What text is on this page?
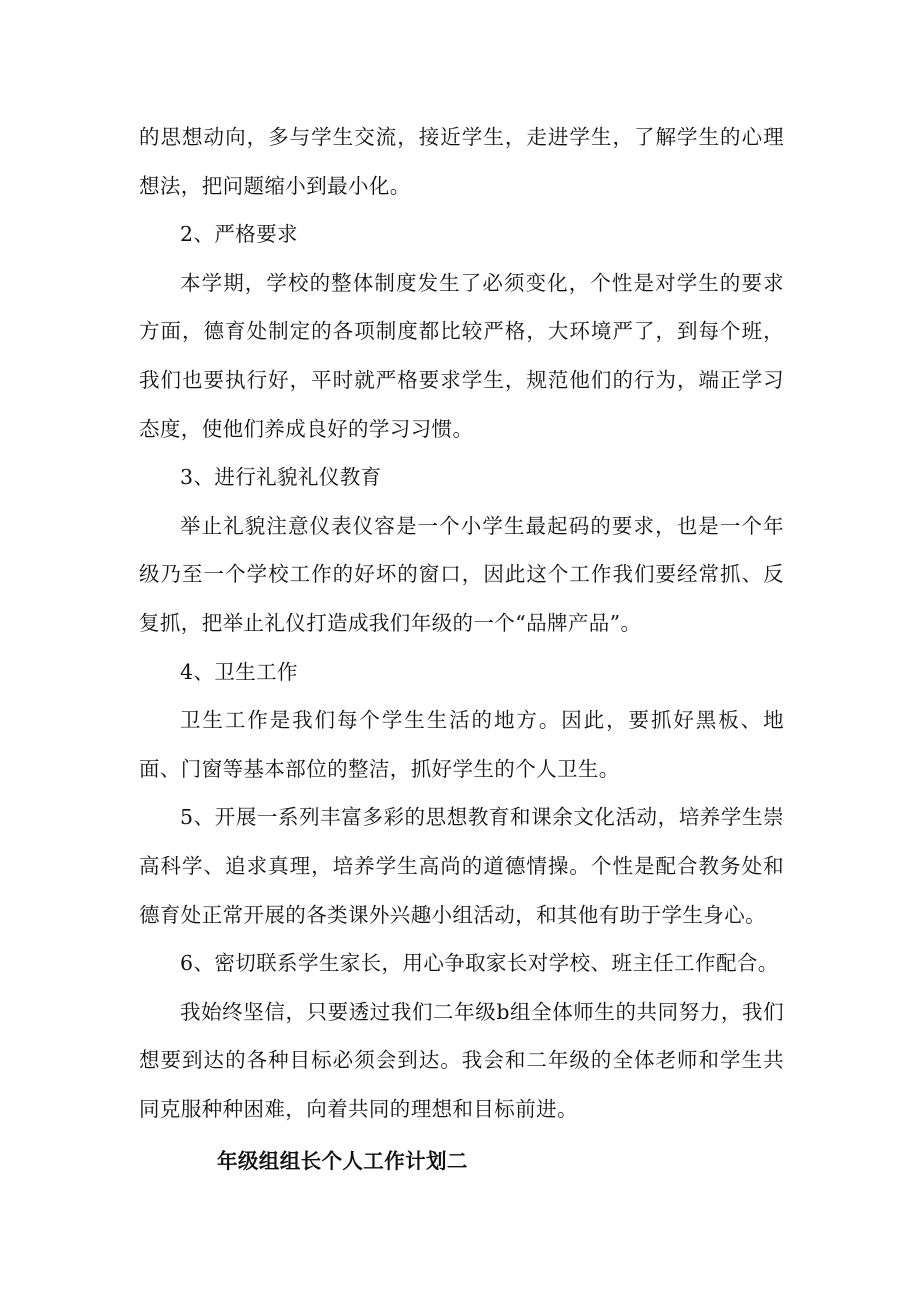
的思想动向，多与学生交流，接近学生，走进学生，了解学生的心理想法，把问题缩小到最小化。

2、严格要求

本学期，学校的整体制度发生了必须变化，个性是对学生的要求方面，德育处制定的各项制度都比较严格，大环境严了，到每个班，我们也要执行好，平时就严格要求学生，规范他们的行为，端正学习态度，使他们养成良好的学习习惯。

3、进行礼貌礼仪教育

举止礼貌注意仪表仪容是一个小学生最起码的要求，也是一个年级乃至一个学校工作的好坏的窗口，因此这个工作我们要经常抓、反复抓，把举止礼仪打造成我们年级的一个“品牌产品”。

4、卫生工作

卫生工作是我们每个学生生活的地方。因此，要抓好黑板、地面、门窗等基本部位的整洁，抓好学生的个人卫生。

5、开展一系列丰富多彩的思想教育和课余文化活动，培养学生崇高科学、追求真理，培养学生高尚的道德情操。个性是配合教务处和德育处正常开展的各类课外兴趣小组活动，和其他有助于学生身心。

6、密切联系学生家长，用心争取家长对学校、班主任工作配合。

我始终坚信，只要透过我们二年级b组全体师生的共同努力，我们想要到达的各种目标必须会到达。我会和二年级的全体老师和学生共同克服种种困难，向着共同的理想和目标前进。

年级组组长个人工作计划二
